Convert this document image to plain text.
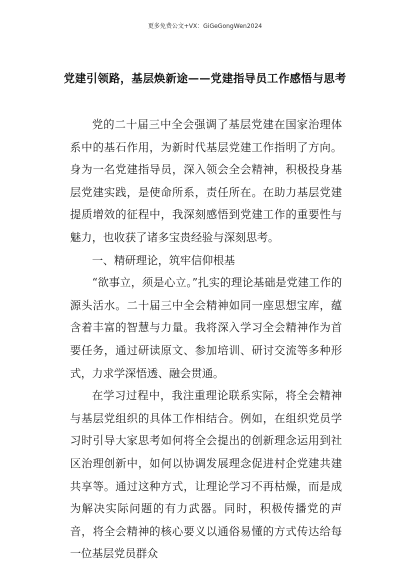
更多免费公文+VX：GiGeGongWen2024
党建引领路，基层焕新途——党建指导员工作感悟与思考

党的二十届三中全会强调了基层党建在国家治理体系中的基石作用，为新时代基层党建工作指明了方向。身为一名党建指导员，深入领会全会精神，积极投身基层党建实践，是使命所系，责任所在。在助力基层党建提质增效的征程中，我深刻感悟到党建工作的重要性与魅力，也收获了诸多宝贵经验与深刻思考。

一、精研理论，筑牢信仰根基

“欲事立，须是心立。”扎实的理论基础是党建工作的源头活水。二十届三中全会精神如同一座思想宝库，蕴含着丰富的智慧与力量。我将深入学习全会精神作为首要任务，通过研读原文、参加培训、研讨交流等多种形式，力求学深悟透、融会贯通。

在学习过程中，我注重理论联系实际，将全会精神与基层党组织的具体工作相结合。例如，在组织党员学习时引导大家思考如何将全会提出的创新理念运用到社区治理创新中，如何以协调发展理念促进村企党建共建共享等。通过这种方式，让理论学习不再枯燥，而是成为解决实际问题的有力武器。同时，积极传播党的声音，将全会精神的核心要义以通俗易懂的方式传达给每一位基层党员群众
